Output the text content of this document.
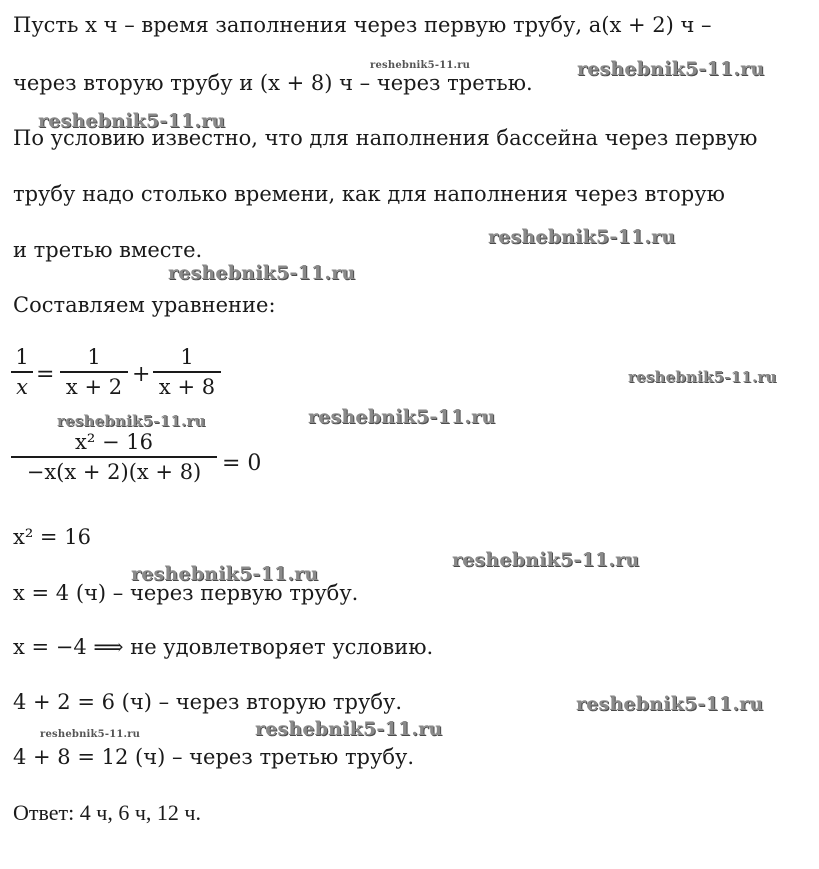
Пусть x ч – время заполнения через первую трубу, а(x + 2) ч –
через вторую трубу и (x + 8) ч – через третью.
По условию известно, что для наполнения бассейна через первую
трубу надо столько времени, как для наполнения через вторую
и третью вместе.
Составляем уравнение:
1
x =
1
x + 2 +
1
x + 8
x² − 16
−x(x + 2)(x + 8) = 0
x² = 16
x = 4 (ч) – через первую трубу.
x = −4 ⟹ не удовлетворяет условию.
4 + 2 = 6 (ч) – через вторую трубу.
4 + 8 = 12 (ч) – через третью трубу.
Ответ: 4 ч, 6 ч, 12 ч.
reshebnik5-11.ru	reshebnik5-11.ru
reshebnik5-11.ru
reshebnik5-11.ru
reshebnik5-11.ru
reshebnik5-11.ru
reshebnik5-11.ru	reshebnik5-11.ru
reshebnik5-11.ru
reshebnik5-11.ru
reshebnik5-11.ru
reshebnik5-11.ru
reshebnik5-11.ru
